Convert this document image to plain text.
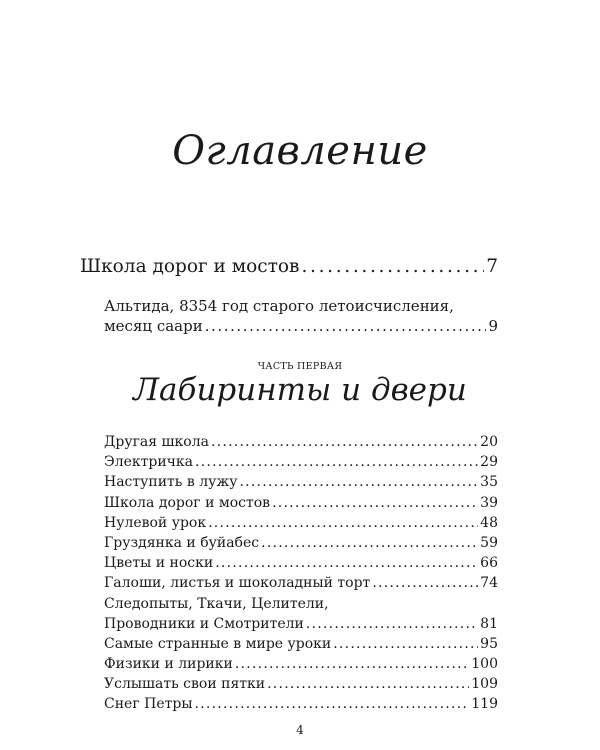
Оглавление
Школа дорог и мостов . . .	7
Альтида, 8354 год старого летоисчисления,
месяц саари . . .	9
ЧАСТЬ ПЕРВАЯ
Лабиринты и двери
Другая школа . . .	20
Электричка . . .	29
Наступить в лужу . . .	35
Школа дорог и мостов . . .	39
Нулевой урок . . .	48
Груздянка и буйабес . . .	59
Цветы и носки . . .	66
Галоши, листья и шоколадный торт . . .	74
Следопыты, Ткачи, Целители,
Проводники и Смотрители . . .	81
Самые странные в мире уроки . . .	95
Физики и лирики . . .	100
Услышать свои пятки . . .	109
Снег Петры . . .	119
4
